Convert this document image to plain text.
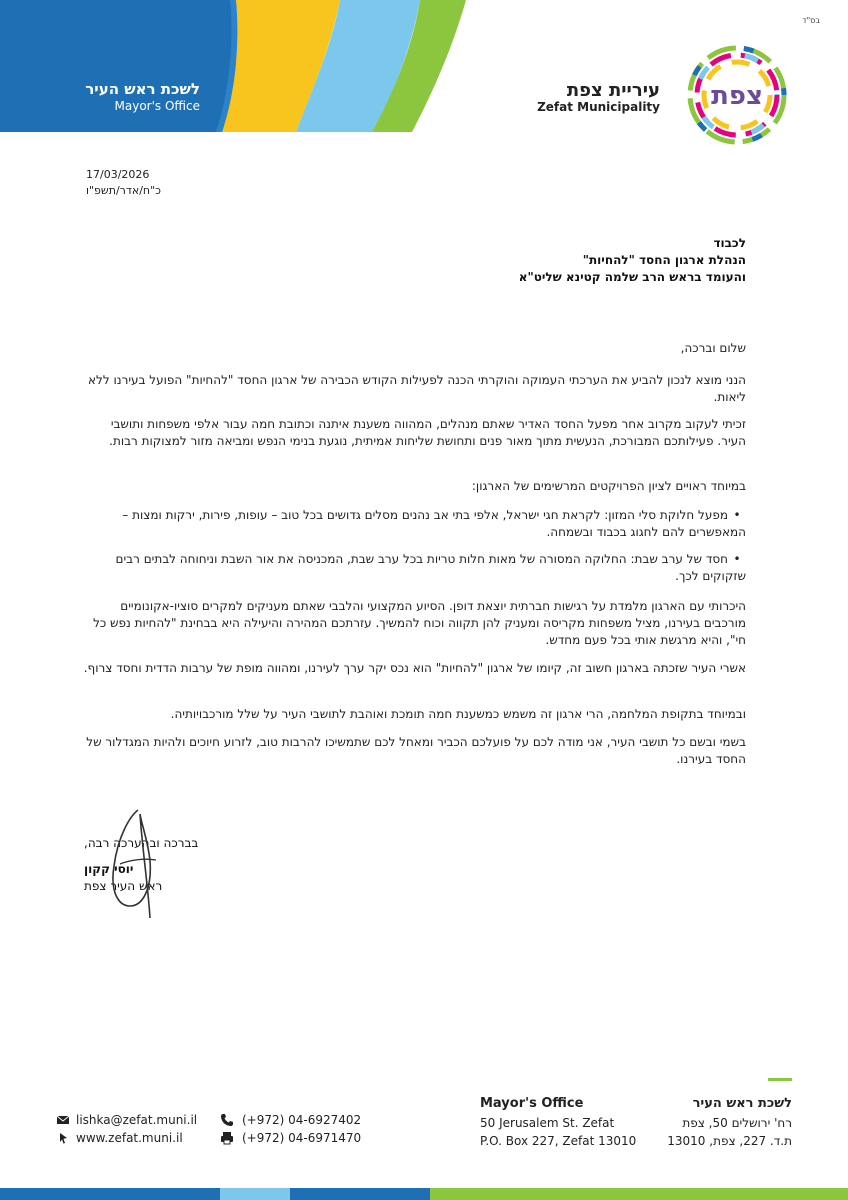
לשכת ראש העיר
Mayor's Office
עיריית צפת
Zefat Municipality
בס"ד
צפת
17/03/2026
כ"ח/אדר/תשפ"ו
לכבוד
הנהלת ארגון החסד "להחיות"
והעומד בראש הרב שלמה קטינא שליט"א
שלום וברכה,
הנני מוצא לנכון להביע את הערכתי העמוקה והוקרתי הכנה לפעילות הקודש הכבירה של ארגון החסד "להחיות" הפועל בעירנו ללא ליאות.
זכיתי לעקוב מקרוב אחר מפעל החסד האדיר שאתם מנהלים, המהווה משענת איתנה וכתובת חמה עבור אלפי משפחות ותושבי העיר. פעילותכם המבורכת, הנעשית מתוך מאור פנים ותחושת שליחות אמיתית, נוגעת בנימי הנפש ומביאה מזור למצוקות רבות.
במיוחד ראויים לציון הפרויקטים המרשימים של הארגון:
•מפעל חלוקת סלי המזון: לקראת חגי ישראל, אלפי בתי אב נהנים מסלים גדושים בכל טוב – עופות, פירות, ירקות ומצות – המאפשרים להם לחגוג בכבוד ובשמחה.
•חסד של ערב שבת: החלוקה המסורה של מאות חלות טריות בכל ערב שבת, המכניסה את אור השבת וניחוחה לבתים רבים שזקוקים לכך.
היכרותי עם הארגון מלמדת על רגישות חברתית יוצאת דופן. הסיוע המקצועי והלבבי שאתם מעניקים למקרים סוציו-אקונומיים מורכבים בעירנו, מציל משפחות מקריסה ומעניק להן תקווה וכוח להמשיך. עזרתכם המהירה והיעילה היא בבחינת "להחיות נפש כל חי", והיא מרגשת אותי בכל פעם מחדש.
אשרי העיר שזכתה בארגון חשוב זה, קיומו של ארגון "להחיות" הוא נכס יקר ערך לעירנו, ומהווה מופת של ערבות הדדית וחסד צרוף.
ובמיוחד בתקופת המלחמה, הרי ארגון זה משמש כמשענת חמה תומכת ואוהבת לתושבי העיר על שלל מורכבויותיה.
בשמי ובשם כל תושבי העיר, אני מודה לכם על פועלכם הכביר ומאחל לכם שתמשיכו להרבות טוב, לזרוע חיוכים ולהיות המגדלור של החסד בעירנו.
בברכה ובהערכה רבה,
יוסי קקון
ראש העיר צפת
לשכת ראש העיר
רח' ירושלים 50, צפת
ת.ד. 227, צפת, 13010
Mayor's Office
50 Jerusalem St. Zefat
P.O. Box 227, Zefat 13010
(+972) 04-6927402
(+972) 04-6971470
lishka@zefat.muni.il
www.zefat.muni.il
